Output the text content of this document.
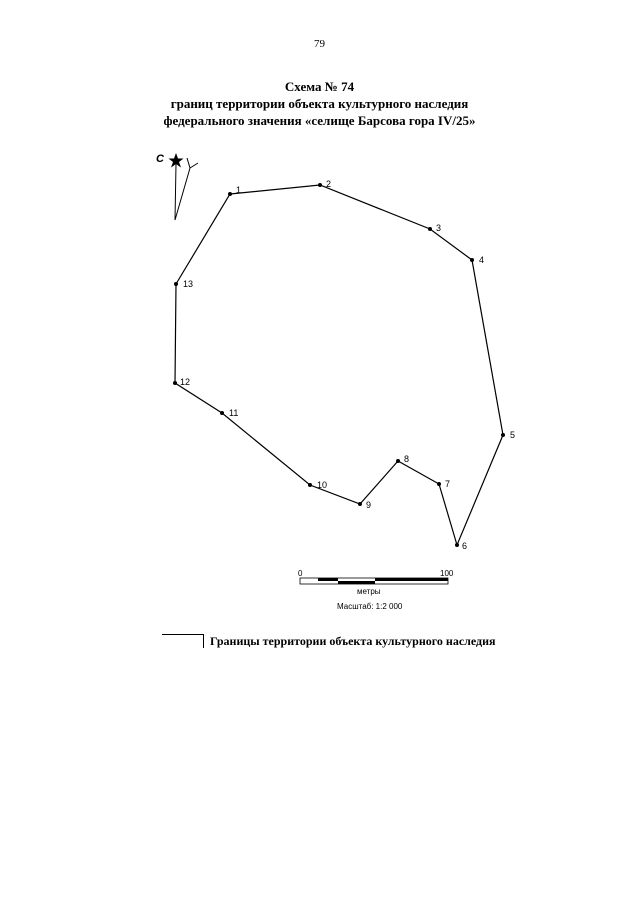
79
Схема № 74
границ территории объекта культурного наследия
федерального значения «селище Барсова гора IV/25»
С
1
2
3
4
5
6
7
8
9
10
11
12
13
0	100
метры
Масштаб: 1:2 000
Границы территории объекта культурного наследия
